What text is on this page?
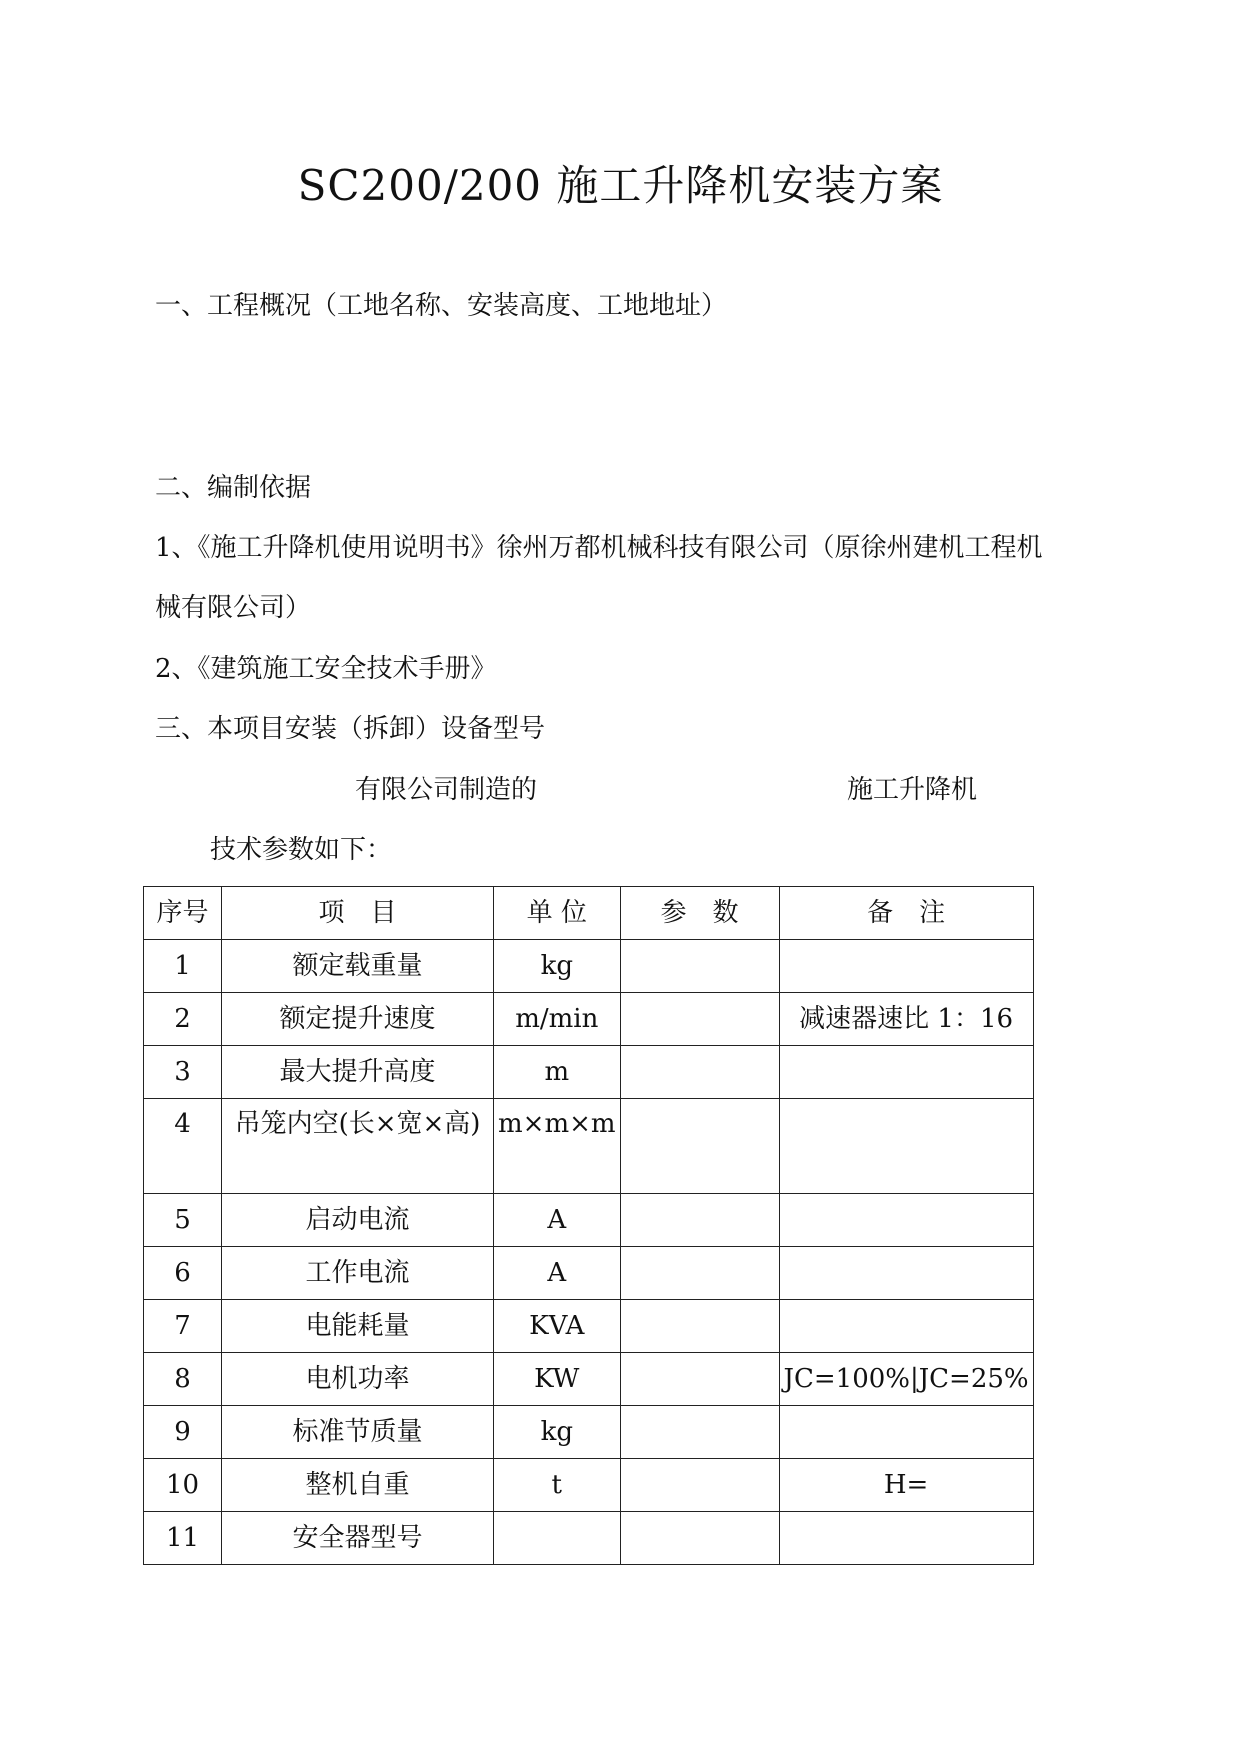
SC200/200 施工升降机安装方案
一、工程概况（工地名称、安装高度、工地地址）
二、编制依据
1、《施工升降机使用说明书》徐州万都机械科技有限公司（原徐州建机工程机
械有限公司）
2、《建筑施工安全技术手册》
三、本项目安装（拆卸）设备型号
有限公司制造的	施工升降机
技术参数如下：
序号	项　目	单 位	参　数	备　注
1	额定载重量	kg		
2	额定提升速度	m/min		减速器速比 1：16
3	最大提升高度	m		
4	吊笼内空(长×宽×高)	m×m×m		
5	启动电流	A		
6	工作电流	A		
7	电能耗量	KVA		
8	电机功率	KW		JC=100%|JC=25%
9	标准节质量	kg		
10	整机自重	t		H=
11	安全器型号			
